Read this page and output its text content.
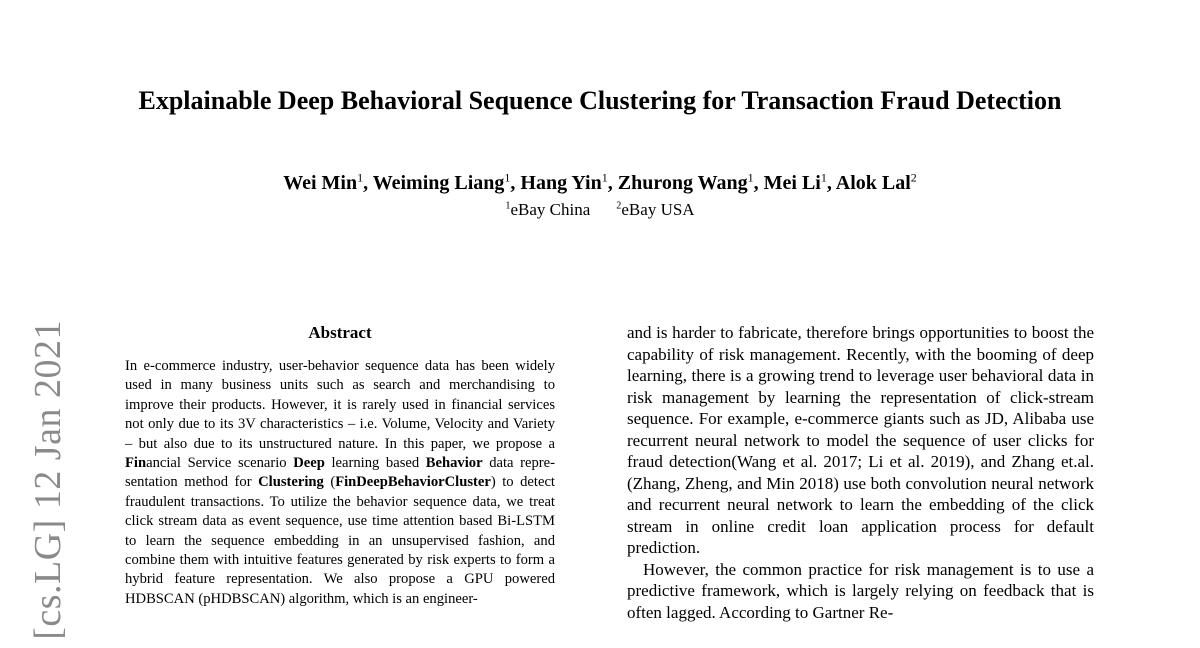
[cs.LG] 12 Jan 2021
Explainable Deep Behavioral Sequence Clustering for Transaction Fraud Detection
Wei Min$^1$, Weiming Liang$^1$, Hang Yin$^1$, Zhurong Wang$^1$, Mei Li$^1$, Alok Lal$^2$
$^1$eBay China	$^2$eBay USA
Abstract
In e-commerce industry, user-behavior sequence data has been widely used in many business units such as search and merchandising to improve their products. However, it is rarely used in financial services not only due to its 3V characteristics – i.e. Volume, Velocity and Variety – but also due to its unstructured nature. In this paper, we propose a Financial Service scenario Deep learning based Behavior data representation method for Clustering (FinDeepBehaviorCluster) to detect fraudulent transactions. To utilize the behavior sequence data, we treat click stream data as event sequence, use time attention based Bi-LSTM to learn the sequence embedding in an unsupervised fashion, and combine them with intuitive features generated by risk experts to form a hybrid feature representation. We also propose a GPU powered HDBSCAN (pHDBSCAN) algorithm, which is an engineer-

and is harder to fabricate, therefore brings opportunities to boost the capability of risk management. Recently, with the booming of deep learning, there is a growing trend to leverage user behavioral data in risk management by learning the representation of click-stream sequence. For example, e-commerce giants such as JD, Alibaba use recurrent neural network to model the sequence of user clicks for fraud detection(Wang et al. 2017; Li et al. 2019), and Zhang et.al. (Zhang, Zheng, and Min 2018) use both convolution neural network and recurrent neural network to learn the embedding of the click stream in online credit loan application process for default prediction.

However, the common practice for risk management is to use a predictive framework, which is largely relying on feedback that is often lagged. According to Gartner Re-
